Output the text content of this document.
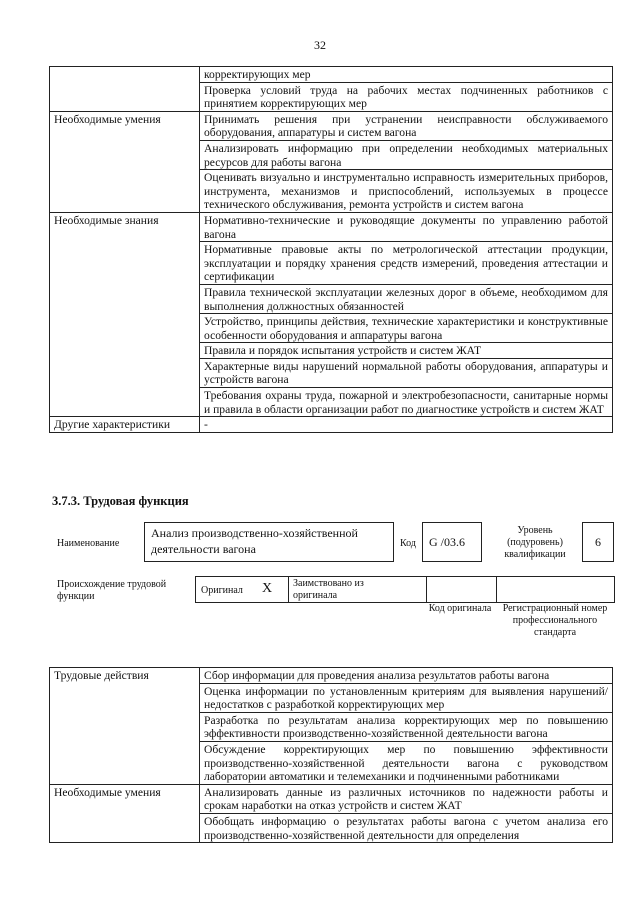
32
	корректирующих мер
	Проверка условий труда на рабочих местах подчиненных работников с принятием корректирующих мер
Необходимые умения	Принимать решения при устранении неисправности обслуживаемого оборудования, аппаратуры и систем вагона
	Анализировать информацию при определении необходимых материальных ресурсов для работы вагона
	Оценивать визуально и инструментально исправность измерительных приборов, инструмента, механизмов и приспособлений, используемых в процессе технического обслуживания, ремонта устройств и систем вагона
Необходимые знания	Нормативно-технические и руководящие документы по управлению работой вагона
	Нормативные правовые акты по метрологической аттестации продукции, эксплуатации и порядку хранения средств измерений, проведения аттестации и сертификации
	Правила технической эксплуатации железных дорог в объеме, необходимом для выполнения должностных обязанностей
	Устройство, принципы действия, технические характеристики и конструктивные особенности оборудования и аппаратуры вагона
	Правила и порядок испытания устройств и систем ЖАТ
	Характерные виды нарушений нормальной работы оборудования, аппаратуры и устройств вагона
	Требования охраны труда, пожарной и электробезопасности, санитарные нормы и правила в области организации работ по диагностике устройств и систем ЖАТ
Другие характеристики	-
3.7.3. Трудовая функция
Наименование
Анализ производственно-хозяйственной деятельности вагона	Код	G /03.6
Уровень (подуровень) квалификации
6
Происхождение трудовой функции
Оригинал X Заимствовано из оригинала
Код оригинала	Регистрационный номер профессионального стандарта
Трудовые действия	Сбор информации для проведения анализа результатов работы вагона
	Оценка информации по установленным критериям для выявления нарушений/недостатков с разработкой корректирующих мер
	Разработка по результатам анализа корректирующих мер по повышению эффективности производственно-хозяйственной деятельности вагона
	Обсуждение корректирующих мер по повышению эффективности производственно-хозяйственной деятельности вагона с руководством лаборатории автоматики и телемеханики и подчиненными работниками
Необходимые умения	Анализировать данные из различных источников по надежности работы и срокам наработки на отказ устройств и систем ЖАТ
	Обобщать информацию о результатах работы вагона с учетом анализа его производственно-хозяйственной деятельности для определения
